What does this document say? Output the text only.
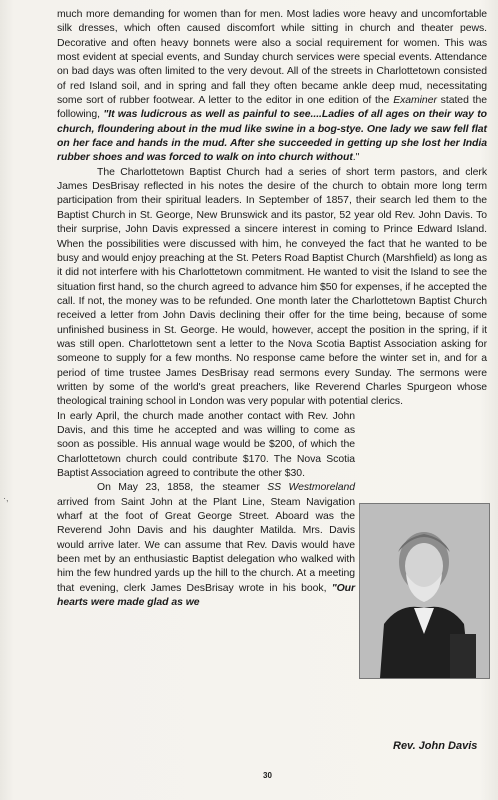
·,

much more demanding for women than for men. Most ladies wore heavy and uncomfortable silk dresses, which often caused discomfort while sitting in church and theater pews. Decorative and often heavy bonnets were also a social requirement for women. This was most evident at special events, and Sunday church services were special events. Attendance on bad days was often limited to the very devout. All of the streets in Charlottetown consisted of red Island soil, and in spring and fall they often became ankle deep mud, necessitating some sort of rubber footwear. A letter to the editor in one edition of the Examiner stated the following, "It was ludicrous as well as painful to see....Ladies of all ages on their way to church, floundering about in the mud like swine in a bog-stye. One lady we saw fell flat on her face and hands in the mud. After she succeeded in getting up she lost her India rubber shoes and was forced to walk on into church without."

The Charlottetown Baptist Church had a series of short term pastors, and clerk James DesBrisay reflected in his notes the desire of the church to obtain more long term participation from their spiritual leaders. In September of 1857, their search led them to the Baptist Church in St. George, New Brunswick and its pastor, 52 year old Rev. John Davis. To their surprise, John Davis expressed a sincere interest in coming to Prince Edward Island. When the possibilities were discussed with him, he conveyed the fact that he wanted to be busy and would enjoy preaching at the St. Peters Road Baptist Church (Marshfield) as long as it did not interfere with his Charlottetown commitment. He wanted to visit the Island to see the situation first hand, so the church agreed to advance him $50 for expenses, if he accepted the call. If not, the money was to be refunded. One month later the Charlottetown Baptist Church received a letter from John Davis declining their offer for the time being, because of some unfinished business in St. George. He would, however, accept the position in the spring, if it was still open. Charlottetown sent a letter to the Nova Scotia Baptist Association asking for someone to supply for a few months. No response came before the winter set in, and for a period of time trustee James DesBrisay read sermons every Sunday. The sermons were written by some of the world's great preachers, like Reverend Charles Spurgeon whose theological training school in London was very popular with potential clerics.

In early April, the church made another contact with Rev. John Davis, and this time he accepted and was willing to come as soon as possible. His annual wage would be $200, of which the Charlottetown church could contribute $170. The Nova Scotia Baptist Association agreed to contribute the other $30.

On May 23, 1858, the steamer SS Westmoreland arrived from Saint John at the Plant Line, Steam Navigation wharf at the foot of Great George Street. Aboard was the Reverend John Davis and his daughter Matilda. Mrs. Davis would arrive later. We can assume that Rev. Davis would have been met by an enthusiastic Baptist delegation who walked with him the few hundred yards up the hill to the church. At a meeting that evening, clerk James DesBrisay wrote in his book, "Our hearts were made glad as we

Rev. John Davis
30
